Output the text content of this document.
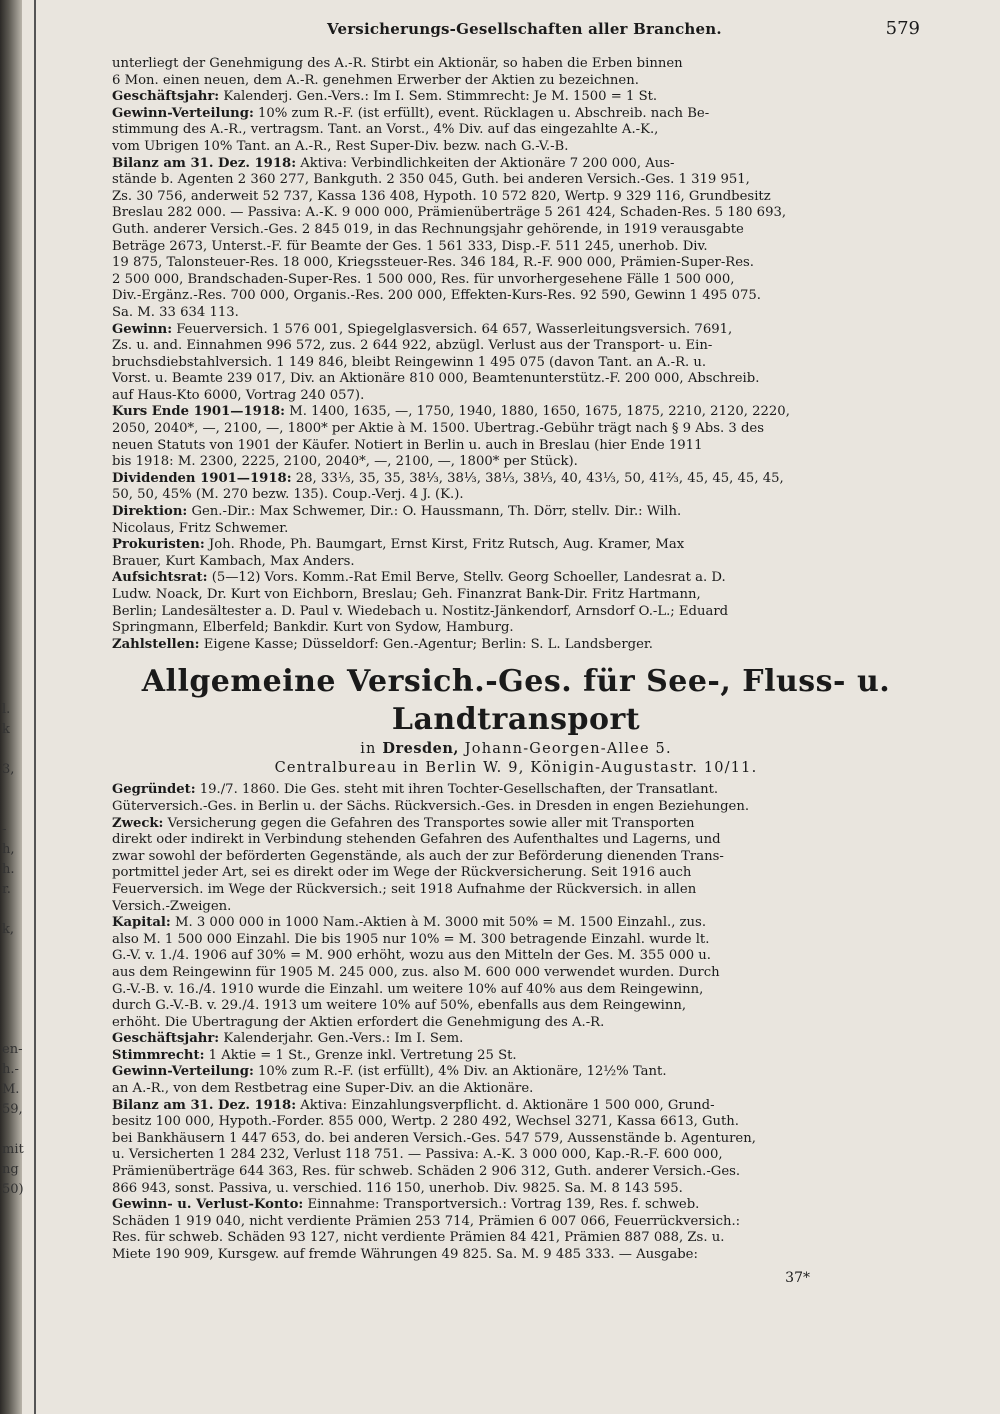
l.
k
3,
-
h,
h.
r.
k,
en-
h.-
M.
59,
mit
ng
50)
Versicherungs-Gesellschaften aller Branchen.	579
unterliegt der Genehmigung des A.-R. Stirbt ein Aktionär, so haben die Erben binnen
6 Mon. einen neuen, dem A.-R. genehmen Erwerber der Aktien zu bezeichnen.
Geschäftsjahr: Kalenderj. Gen.-Vers.: Im I. Sem. Stimmrecht: Je M. 1500 = 1 St.
Gewinn-Verteilung: 10% zum R.-F. (ist erfüllt), event. Rücklagen u. Abschreib. nach Be-
stimmung des A.-R., vertragsm. Tant. an Vorst., 4% Div. auf das eingezahlte A.-K.,
vom Übrigen 10% Tant. an A.-R., Rest Super-Div. bezw. nach G.-V.-B.
Bilanz am 31. Dez. 1918: Aktiva: Verbindlichkeiten der Aktionäre 7 200 000, Aus-
stände b. Agenten 2 360 277, Bankguth. 2 350 045, Guth. bei anderen Versich.-Ges. 1 319 951,
Zs. 30 756, anderweit 52 737, Kassa 136 408, Hypoth. 10 572 820, Wertp. 9 329 116, Grundbesitz
Breslau 282 000. — Passiva: A.-K. 9 000 000, Prämienüberträge 5 261 424, Schaden-Res. 5 180 693,
Guth. anderer Versich.-Ges. 2 845 019, in das Rechnungsjahr gehörende, in 1919 verausgabte
Beträge 2673, Unterst.-F. für Beamte der Ges. 1 561 333, Disp.-F. 511 245, unerhob. Div.
19 875, Talonsteuer-Res. 18 000, Kriegssteuer-Res. 346 184, R.-F. 900 000, Prämien-Super-Res.
2 500 000, Brandschaden-Super-Res. 1 500 000, Res. für unvorhergesehene Fälle 1 500 000,
Div.-Ergänz.-Res. 700 000, Organis.-Res. 200 000, Effekten-Kurs-Res. 92 590, Gewinn 1 495 075.
Sa. M. 33 634 113.
Gewinn: Feuerversich. 1 576 001, Spiegelglasversich. 64 657, Wasserleitungsversich. 7691,
Zs. u. and. Einnahmen 996 572, zus. 2 644 922, abzügl. Verlust aus der Transport- u. Ein-
bruchsdiebstahlversich. 1 149 846, bleibt Reingewinn 1 495 075 (davon Tant. an A.-R. u.
Vorst. u. Beamte 239 017, Div. an Aktionäre 810 000, Beamtenunterstütz.-F. 200 000, Abschreib.
auf Haus-Kto 6000, Vortrag 240 057).
Kurs Ende 1901—1918: M. 1400, 1635, —, 1750, 1940, 1880, 1650, 1675, 1875, 2210, 2120, 2220,
2050, 2040*, —, 2100, —, 1800* per Aktie à M. 1500. Übertrag.-Gebühr trägt nach § 9 Abs. 3 des
neuen Statuts von 1901 der Käufer. Notiert in Berlin u. auch in Breslau (hier Ende 1911
bis 1918: M. 2300, 2225, 2100, 2040*, —, 2100, —, 1800* per Stück).
Dividenden 1901—1918: 28, 33⅓, 35, 35, 38⅓, 38⅓, 38⅓, 38⅓, 40, 43⅓, 50, 41⅔, 45, 45, 45, 45,
50, 50, 45% (M. 270 bezw. 135). Coup.-Verj. 4 J. (K.).
Direktion: Gen.-Dir.: Max Schwemer, Dir.: O. Haussmann, Th. Dörr, stellv. Dir.: Wilh.
Nicolaus, Fritz Schwemer.
Prokuristen: Joh. Rhode, Ph. Baumgart, Ernst Kirst, Fritz Rutsch, Aug. Kramer, Max
Brauer, Kurt Kambach, Max Anders.
Aufsichtsrat: (5—12) Vors. Komm.-Rat Emil Berve, Stellv. Georg Schoeller, Landesrat a. D.
Ludw. Noack, Dr. Kurt von Eichborn, Breslau; Geh. Finanzrat Bank-Dir. Fritz Hartmann,
Berlin; Landesältester a. D. Paul v. Wiedebach u. Nostitz-Jänkendorf, Arnsdorf O.-L.; Eduard
Springmann, Elberfeld; Bankdir. Kurt von Sydow, Hamburg.
Zahlstellen: Eigene Kasse; Düsseldorf: Gen.-Agentur; Berlin: S. L. Landsberger.
Allgemeine Versich.-Ges. für See-, Fluss- u. Landtransport
in Dresden, Johann-Georgen-Allee 5.
Centralbureau in Berlin W. 9, Königin-Augustastr. 10/11.
Gegründet: 19./7. 1860. Die Ges. steht mit ihren Tochter-Gesellschaften, der Transatlant.
Güterversich.-Ges. in Berlin u. der Sächs. Rückversich.-Ges. in Dresden in engen Beziehungen.
Zweck: Versicherung gegen die Gefahren des Transportes sowie aller mit Transporten
direkt oder indirekt in Verbindung stehenden Gefahren des Aufenthaltes und Lagerns, und
zwar sowohl der beförderten Gegenstände, als auch der zur Beförderung dienenden Trans-
portmittel jeder Art, sei es direkt oder im Wege der Rückversicherung. Seit 1916 auch
Feuerversich. im Wege der Rückversich.; seit 1918 Aufnahme der Rückversich. in allen
Versich.-Zweigen.
Kapital: M. 3 000 000 in 1000 Nam.-Aktien à M. 3000 mit 50% = M. 1500 Einzahl., zus.
also M. 1 500 000 Einzahl. Die bis 1905 nur 10% = M. 300 betragende Einzahl. wurde lt.
G.-V. v. 1./4. 1906 auf 30% = M. 900 erhöht, wozu aus den Mitteln der Ges. M. 355 000 u.
aus dem Reingewinn für 1905 M. 245 000, zus. also M. 600 000 verwendet wurden. Durch
G.-V.-B. v. 16./4. 1910 wurde die Einzahl. um weitere 10% auf 40% aus dem Reingewinn,
durch G.-V.-B. v. 29./4. 1913 um weitere 10% auf 50%, ebenfalls aus dem Reingewinn,
erhöht. Die Übertragung der Aktien erfordert die Genehmigung des A.-R.
Geschäftsjahr: Kalenderjahr. Gen.-Vers.: Im I. Sem.
Stimmrecht: 1 Aktie = 1 St., Grenze inkl. Vertretung 25 St.
Gewinn-Verteilung: 10% zum R.-F. (ist erfüllt), 4% Div. an Aktionäre, 12½% Tant.
an A.-R., von dem Restbetrag eine Super-Div. an die Aktionäre.
Bilanz am 31. Dez. 1918: Aktiva: Einzahlungsverpflicht. d. Aktionäre 1 500 000, Grund-
besitz 100 000, Hypoth.-Forder. 855 000, Wertp. 2 280 492, Wechsel 3271, Kassa 6613, Guth.
bei Bankhäusern 1 447 653, do. bei anderen Versich.-Ges. 547 579, Aussenstände b. Agenturen,
u. Versicherten 1 284 232, Verlust 118 751. — Passiva: A.-K. 3 000 000, Kap.-R.-F. 600 000,
Prämienüberträge 644 363, Res. für schweb. Schäden 2 906 312, Guth. anderer Versich.-Ges.
866 943, sonst. Passiva, u. verschied. 116 150, unerhob. Div. 9825. Sa. M. 8 143 595.
Gewinn- u. Verlust-Konto: Einnahme: Transportversich.: Vortrag 139, Res. f. schweb.
Schäden 1 919 040, nicht verdiente Prämien 253 714, Prämien 6 007 066, Feuerrückversich.:
Res. für schweb. Schäden 93 127, nicht verdiente Prämien 84 421, Prämien 887 088, Zs. u.
Miete 190 909, Kursgew. auf fremde Währungen 49 825. Sa. M. 9 485 333. — Ausgabe:
37*
